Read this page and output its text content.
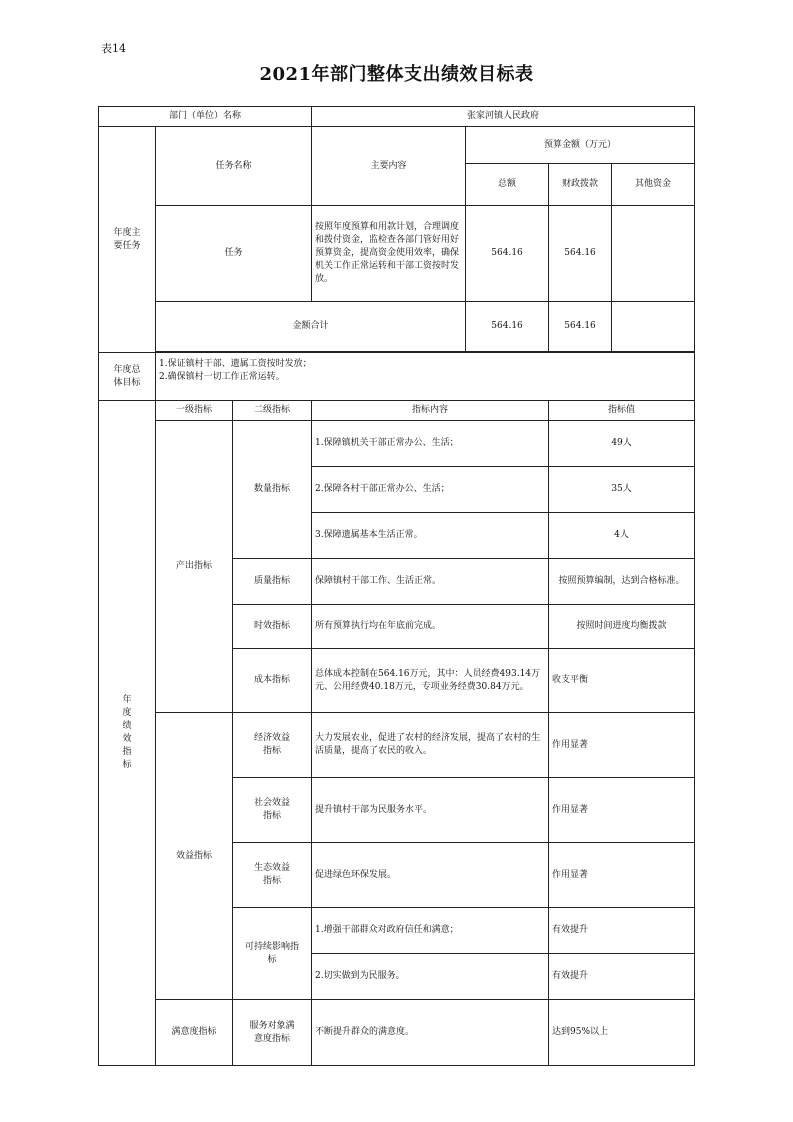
表14
2021年部门整体支出绩效目标表
部门（单位）名称			张家河镇人民政府			
年度主要任务	任务名称		主要内容	预算金额（万元）		
				总额	财政拨款	其他资金
	任务		按照年度预算和用款计划，合理调度和拨付资金，监检查各部门管好用好预算资金，提高资金使用效率，确保机关工作正常运转和干部工资按时发放。	564.16	564.16	
	金额合计			564.16	564.16	

年度总体目标	1.保证镇村干部、遗属工资按时发放；
2.确保镇村一切工作正常运转。					

年度绩效指标	一级指标	二级指标	指标内容		指标值	
	产出指标	数量指标	1.保障镇机关干部正常办公、生活；		49人	
			2.保障各村干部正常办公、生活；		35人	
			3.保障遗属基本生活正常。		4人	
		质量指标	保障镇村干部工作、生活正常。		按照预算编制，达到合格标准。	
		时效指标	所有预算执行均在年底前完成。		按照时间进度均衡拨款	
		成本指标	总体成本控制在564.16万元，其中：人员经费493.14万元、公用经费40.18万元，专项业务经费30.84万元。		收支平衡	
	效益指标	经济效益指标	大力发展农业，促进了农村的经济发展，提高了农村的生活质量，提高了农民的收入。		作用显著	
		社会效益指标	提升镇村干部为民服务水平。		作用显著	
		生态效益指标	促进绿色环保发展。		作用显著	
		可持续影响指标	1.增强干部群众对政府信任和满意；		有效提升	
			2.切实做到为民服务。		有效提升	
	满意度指标	服务对象满意度指标	不断提升群众的满意度。		达到95%以上	
